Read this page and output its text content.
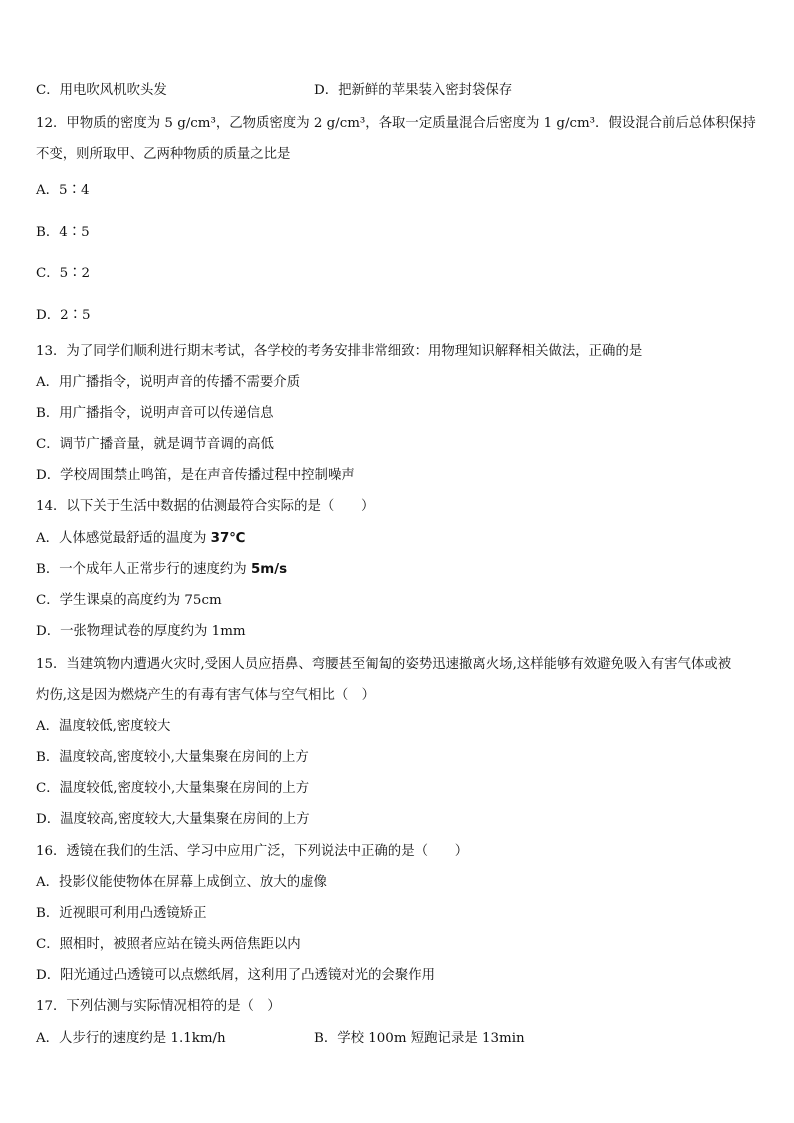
C．用电吹风机吹头发	D．把新鲜的苹果装入密封袋保存
12．甲物质的密度为 5 g/cm³，乙物质密度为 2 g/cm³，各取一定质量混合后密度为 1 g/cm³．假设混合前后总体积保持
不变，则所取甲、乙两种物质的质量之比是
A．5∶4
B．4∶5
C．5∶2
D．2∶5
13．为了同学们顺利进行期末考试，各学校的考务安排非常细致：用物理知识解释相关做法，正确的是
A．用广播指令，说明声音的传播不需要介质
B．用广播指令，说明声音可以传递信息
C．调节广播音量，就是调节音调的高低
D．学校周围禁止鸣笛，是在声音传播过程中控制噪声
14．以下关于生活中数据的估测最符合实际的是（　　）
A．人体感觉最舒适的温度为 37℃
B．一个成年人正常步行的速度约为 5m/s
C．学生课桌的高度约为 75cm
D．一张物理试卷的厚度约为 1mm
15．当建筑物内遭遇火灾时,受困人员应捂鼻、弯腰甚至匍匐的姿势迅速撤离火场,这样能够有效避免吸入有害气体或被
灼伤,这是因为燃烧产生的有毒有害气体与空气相比（　）
A．温度较低,密度较大
B．温度较高,密度较小,大量集聚在房间的上方
C．温度较低,密度较小,大量集聚在房间的上方
D．温度较高,密度较大,大量集聚在房间的上方
16．透镜在我们的生活、学习中应用广泛，下列说法中正确的是（　　）
A．投影仪能使物体在屏幕上成倒立、放大的虚像
B．近视眼可利用凸透镜矫正
C．照相时，被照者应站在镜头两倍焦距以内
D．阳光通过凸透镜可以点燃纸屑，这利用了凸透镜对光的会聚作用
17．下列估测与实际情况相符的是（　）
A．人步行的速度约是 1.1km/h	B．学校 100m 短跑记录是 13min
